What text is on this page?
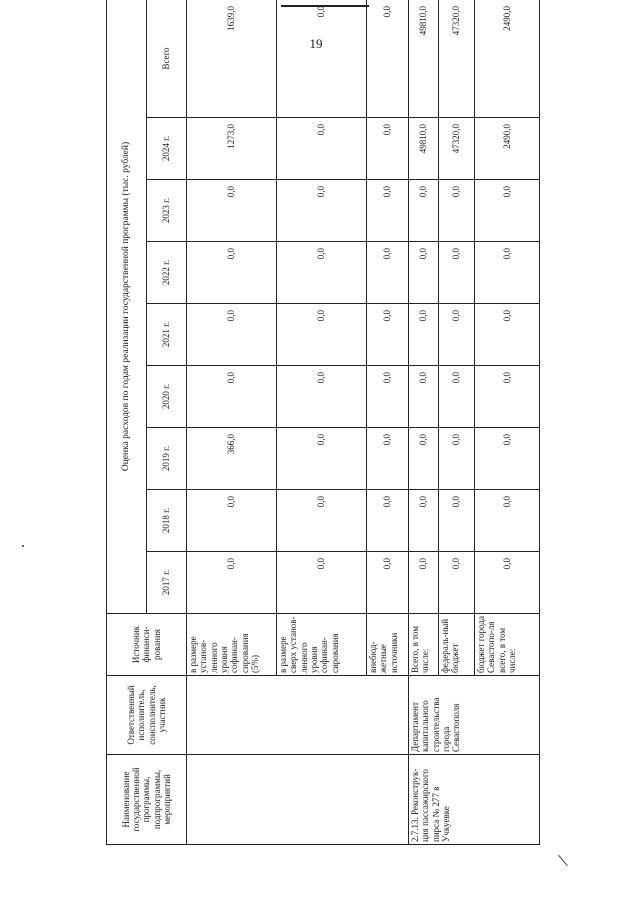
19
Наименование государственной программы, подпрограммы, мероприятий	Ответственный исполнитель, соисполнитель, участник	Источник финанси-рования	Оценка расходов по годам реализации государственной программы (тыс. рублей)								
			2017 г.	2018 г.	2019 г.	2020 г.	2021 г.	2022 г.	2023 г.	2024 г.	Всего
		в размере установ-ленного уровня софинан-сирования (5%)	0,0	0,0	366,0	0,0	0,0	0,0	0,0	1273,0	1639,0
		в размере сверх установ-ленного уровня софинан-сирования	0,0	0,0	0,0	0,0	0,0	0,0	0,0	0,0	0,0
		внебюд-жетные источники	0,0	0,0	0,0	0,0	0,0	0,0	0,0	0,0	0,0
2.7.13. Реконструк-ция пассажирского пирса № 277 в Учкуевке	Департамент капитального строительства города Севастополя	Всего, в том числе:	0,0	0,0	0,0	0,0	0,0	0,0	0,0	49810,0	49810,0
		федераль-ный бюджет	0,0	0,0	0,0	0,0	0,0	0,0	0,0	47320,0	47320,0
		бюджет города Севастопо-ля всего, в том числе:	0,0	0,0	0,0	0,0	0,0	0,0	0,0	2490,0	2490,0
